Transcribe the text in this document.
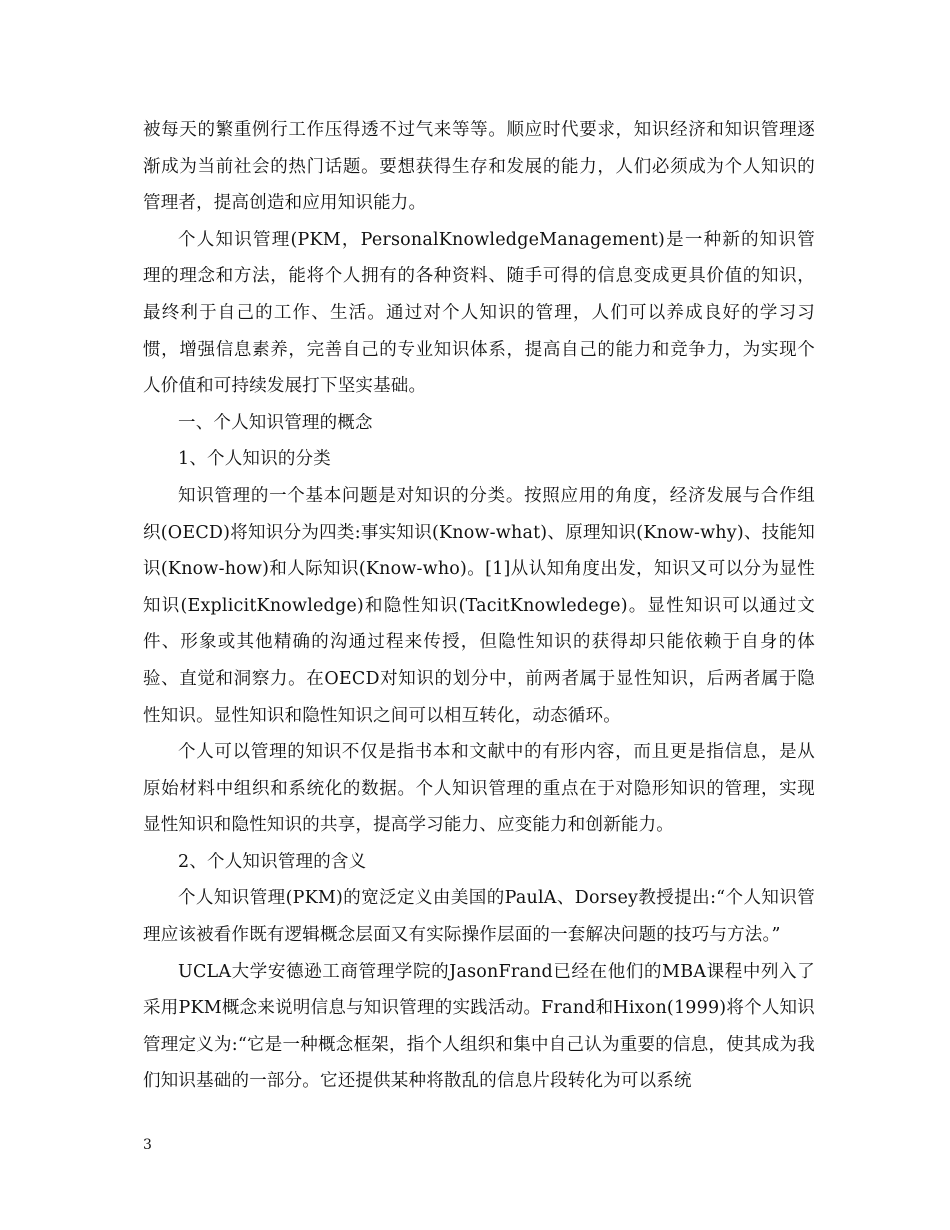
被每天的繁重例行工作压得透不过气来等等。顺应时代要求，知识经济和知识管理逐渐成为当前社会的热门话题。要想获得生存和发展的能力，人们必须成为个人知识的管理者，提高创造和应用知识能力。

个人知识管理(PKM，PersonalKnowledgeManagement)是一种新的知识管理的理念和方法，能将个人拥有的各种资料、随手可得的信息变成更具价值的知识，最终利于自己的工作、生活。通过对个人知识的管理，人们可以养成良好的学习习惯，增强信息素养，完善自己的专业知识体系，提高自己的能力和竞争力，为实现个人价值和可持续发展打下坚实基础。

一、个人知识管理的概念

1、个人知识的分类

知识管理的一个基本问题是对知识的分类。按照应用的角度，经济发展与合作组织(OECD)将知识分为四类:事实知识(Know-what)、原理知识(Know-why)、技能知识(Know-how)和人际知识(Know-who)。[1]从认知角度出发，知识又可以分为显性知识(ExplicitKnowledge)和隐性知识(TacitKnowledege)。显性知识可以通过文件、形象或其他精确的沟通过程来传授，但隐性知识的获得却只能依赖于自身的体验、直觉和洞察力。在OECD对知识的划分中，前两者属于显性知识，后两者属于隐性知识。显性知识和隐性知识之间可以相互转化，动态循环。

个人可以管理的知识不仅是指书本和文献中的有形内容，而且更是指信息，是从原始材料中组织和系统化的数据。个人知识管理的重点在于对隐形知识的管理，实现显性知识和隐性知识的共享，提高学习能力、应变能力和创新能力。

2、个人知识管理的含义

个人知识管理(PKM)的宽泛定义由美国的PaulA、Dorsey教授提出:“个人知识管理应该被看作既有逻辑概念层面又有实际操作层面的一套解决问题的技巧与方法。”

UCLA大学安德逊工商管理学院的JasonFrand已经在他们的MBA课程中列入了采用PKM概念来说明信息与知识管理的实践活动。Frand和Hixon(1999)将个人知识管理定义为:“它是一种概念框架，指个人组织和集中自己认为重要的信息，使其成为我们知识基础的一部分。它还提供某种将散乱的信息片段转化为可以系统

3
